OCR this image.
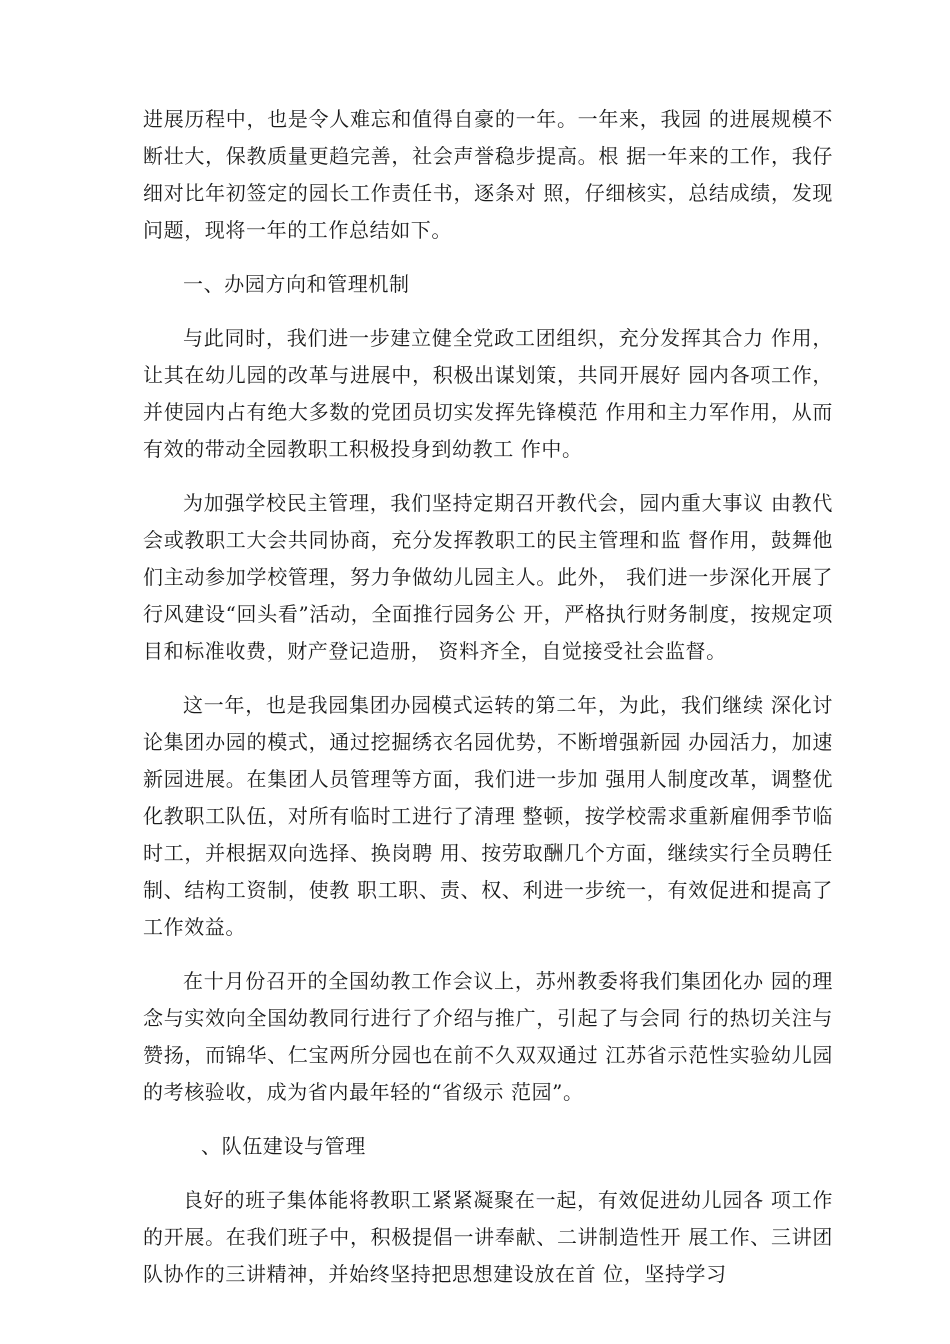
进展历程中，也是令人难忘和值得自豪的一年。一年来，我园 的进展规模不断壮大，保教质量更趋完善，社会声誉稳步提高。根 据一年来的工作，我仔细对比年初签定的园长工作责任书，逐条对 照，仔细核实，总结成绩，发现问题，现将一年的工作总结如下。

一、办园方向和管理机制

与此同时，我们进一步建立健全党政工团组织，充分发挥其合力 作用，让其在幼儿园的改革与进展中，积极出谋划策，共同开展好 园内各项工作，并使园内占有绝大多数的党团员切实发挥先锋模范 作用和主力军作用，从而有效的带动全园教职工积极投身到幼教工 作中。

为加强学校民主管理，我们坚持定期召开教代会，园内重大事议 由教代会或教职工大会共同协商，充分发挥教职工的民主管理和监 督作用，鼓舞他们主动参加学校管理，努力争做幼儿园主人。此外， 我们进一步深化开展了行风建设“回头看”活动，全面推行园务公 开，严格执行财务制度，按规定项目和标准收费，财产登记造册， 资料齐全，自觉接受社会监督。

这一年，也是我园集团办园模式运转的第二年，为此，我们继续 深化讨论集团办园的模式，通过挖掘绣衣名园优势，不断增强新园 办园活力，加速新园进展。在集团人员管理等方面，我们进一步加 强用人制度改革，调整优化教职工队伍，对所有临时工进行了清理 整顿，按学校需求重新雇佣季节临时工，并根据双向选择、换岗聘 用、按劳取酬几个方面，继续实行全员聘任制、结构工资制，使教 职工职、责、权、利进一步统一，有效促进和提高了工作效益。

在十月份召开的全国幼教工作会议上，苏州教委将我们集团化办 园的理念与实效向全国幼教同行进行了介绍与推广，引起了与会同 行的热切关注与赞扬，而锦华、仁宝两所分园也在前不久双双通过 江苏省示范性实验幼儿园的考核验收，成为省内最年轻的“省级示 范园”。

、队伍建设与管理

良好的班子集体能将教职工紧紧凝聚在一起，有效促进幼儿园各 项工作的开展。在我们班子中，积极提倡一讲奉献、二讲制造性开 展工作、三讲团队协作的三讲精神，并始终坚持把思想建设放在首 位，坚持学习
